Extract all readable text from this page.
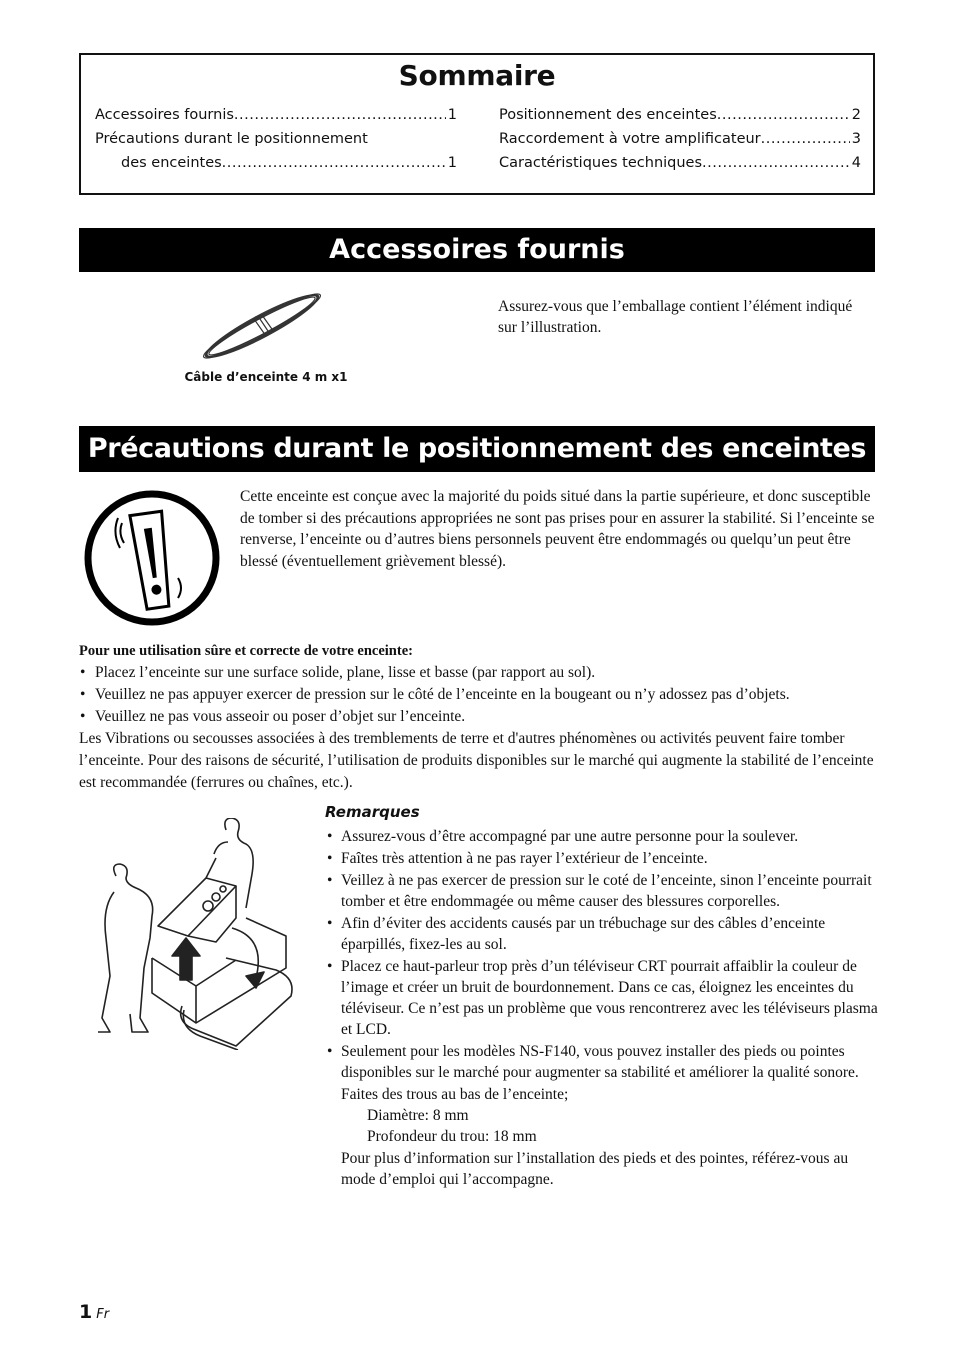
Sommaire
Accessoires fournis .....	1
Précautions durant le positionnement
des enceintes .....	1
Positionnement des enceintes .....	2
Raccordement à votre amplificateur .....	3
Caractéristiques techniques .....	4
Accessoires fournis
Câble d’enceinte 4 m x1
Assurez-vous que l’emballage contient l’élément indiqué sur l’illustration.
Précautions durant le positionnement des enceintes
Cette enceinte est conçue avec la majorité du poids situé dans la partie supérieure, et donc susceptible de tomber si des précautions appropriées ne sont pas prises pour en assurer la stabilité. Si l’enceinte se renverse, l’enceinte ou d’autres biens personnels peuvent être endommagés ou quelqu’un peut être blessé (éventuellement grièvement blessé).
Pour une utilisation sûre et correcte de votre enceinte:
• Placez l’enceinte sur une surface solide, plane, lisse et basse (par rapport au sol).
• Veuillez ne pas appuyer exercer de pression sur le côté de l’enceinte en la bougeant ou n’y adossez pas d’objets.
• Veuillez ne pas vous asseoir ou poser d’objet sur l’enceinte.
Les Vibrations ou secousses associées à des tremblements de terre et d'autres phénomènes ou activités peuvent faire tomber l’enceinte. Pour des raisons de sécurité, l’utilisation de produits disponibles sur le marché qui augmente la stabilité de l’enceinte est recommandée (ferrures ou chaînes, etc.).
Remarques
• Assurez-vous d’être accompagné par une autre personne pour la soulever.
• Faîtes très attention à ne pas rayer l’extérieur de l’enceinte.
• Veillez à ne pas exercer de pression sur le coté de l’enceinte, sinon l’enceinte pourrait tomber et être endommagée ou même causer des blessures corporelles.
• Afin d’éviter des accidents causés par un trébuchage sur des câbles d’enceinte éparpillés, fixez-les au sol.
• Placez ce haut-parleur trop près d’un téléviseur CRT pourrait affaiblir la couleur de l’image et créer un bruit de bourdonnement. Dans ce cas, éloignez les enceintes du téléviseur. Ce n’est pas un problème que vous rencontrerez avec les téléviseurs plasma et LCD.
• Seulement pour les modèles NS-F140, vous pouvez installer des pieds ou pointes disponibles sur le marché pour augmenter sa stabilité et améliorer la qualité sonore.
Faites des trous au bas de l’enceinte;
Diamètre: 8 mm
Profondeur du trou: 18 mm
Pour plus d’information sur l’installation des pieds et des pointes, référez-vous au mode d’emploi qui l’accompagne.
1 Fr
